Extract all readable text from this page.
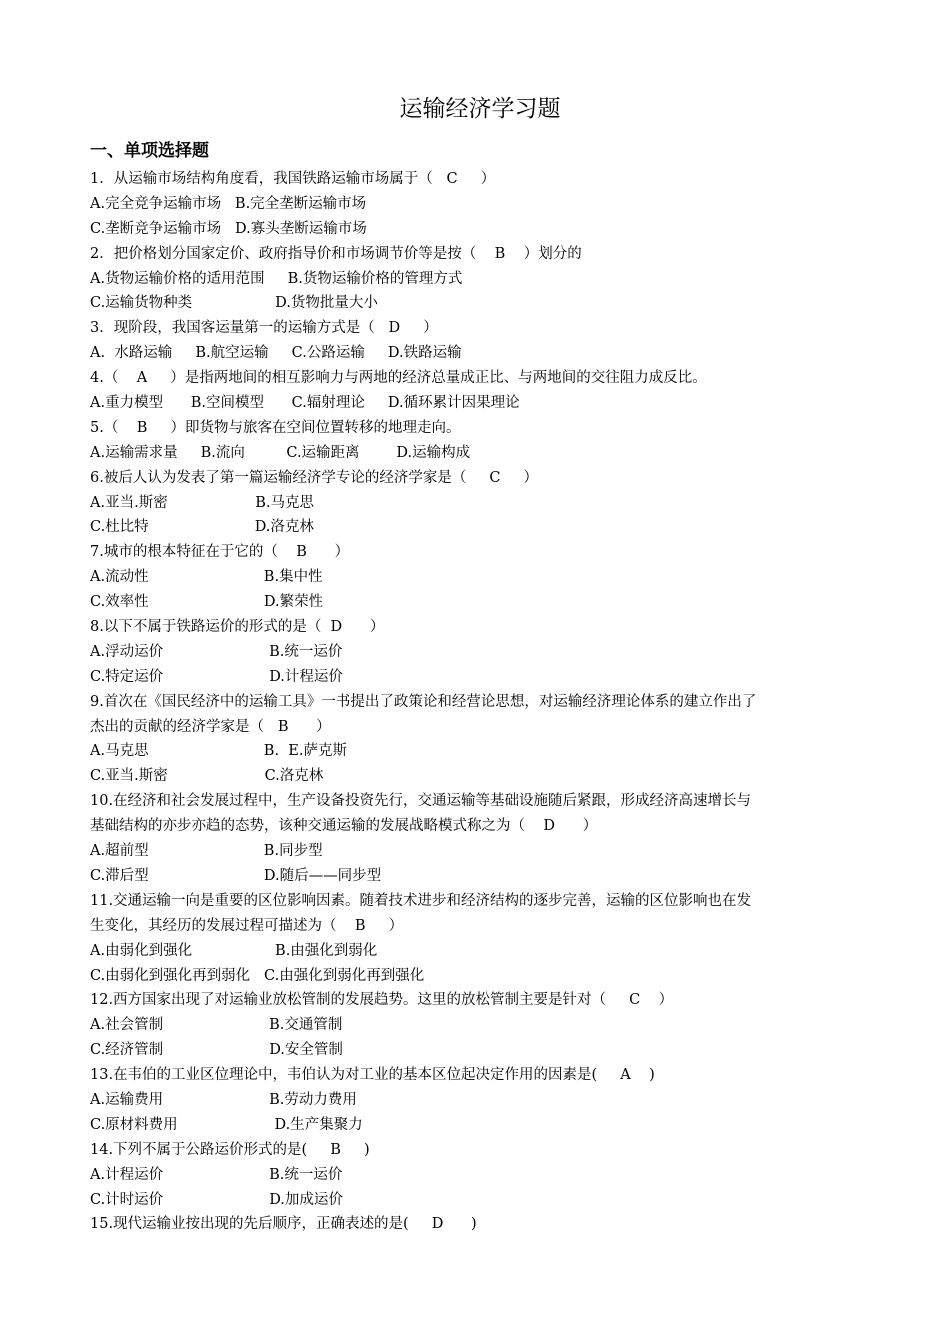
运输经济学习题
一、单项选择题
1．从运输市场结构角度看，我国铁路运输市场属于（   C     ）
A.完全竞争运输市场   B.完全垄断运输市场
C.垄断竞争运输市场   D.寡头垄断运输市场
2．把价格划分国家定价、政府指导价和市场调节价等是按（    B    ）划分的
A.货物运输价格的适用范围     B.货物运输价格的管理方式
C.运输货物种类                  D.货物批量大小
3．现阶段，我国客运量第一的运输方式是（   D     ）
A.  水路运输     B.航空运输     C.公路运输     D.铁路运输
4.（    A     ）是指两地间的相互影响力与两地的经济总量成正比、与两地间的交往阻力成反比。
A.重力模型      B.空间模型      C.辐射理论     D.循环累计因果理论
5.（    B     ）即货物与旅客在空间位置转移的地理走向。
A.运输需求量     B.流向         C.运输距离        D.运输构成
6.被后人认为发表了第一篇运输经济学专论的经济学家是（     C     ）
A.亚当.斯密                   B.马克思
C.杜比特                       D.洛克林
7.城市的根本特征在于它的（    B      ）
A.流动性                         B.集中性
C.效率性                         D.繁荣性
8.以下不属于铁路运价的形式的是（  D      ）
A.浮动运价                       B.统一运价
C.特定运价                       D.计程运价
9.首次在《国民经济中的运输工具》一书提出了政策论和经营论思想，对运输经济理论体系的建立作出了
杰出的贡献的经济学家是（   B      ）
A.马克思                         B.  E.萨克斯
C.亚当.斯密                     C.洛克林
10.在经济和社会发展过程中，生产设备投资先行，交通运输等基础设施随后紧跟，形成经济高速增长与
基础结构的亦步亦趋的态势，该种交通运输的发展战略模式称之为（    D      ）
A.超前型                         B.同步型
C.滞后型                         D.随后——同步型
11.交通运输一向是重要的区位影响因素。随着技术进步和经济结构的逐步完善，运输的区位影响也在发
生变化，其经历的发展过程可描述为（    B     ）
A.由弱化到强化                  B.由强化到弱化
C.由弱化到强化再到弱化   C.由强化到弱化再到强化
12.西方国家出现了对运输业放松管制的发展趋势。这里的放松管制主要是针对（     C    ）
A.社会管制                       B.交通管制
C.经济管制                       D.安全管制
13.在韦伯的工业区位理论中，韦伯认为对工业的基本区位起决定作用的因素是(     A    )
A.运输费用                       B.劳动力费用
C.原材料费用                     D.生产集聚力
14.下列不属于公路运价形式的是(     B     )
A.计程运价                       B.统一运价
C.计时运价                       D.加成运价
15.现代运输业按出现的先后顺序，正确表述的是(     D      )
